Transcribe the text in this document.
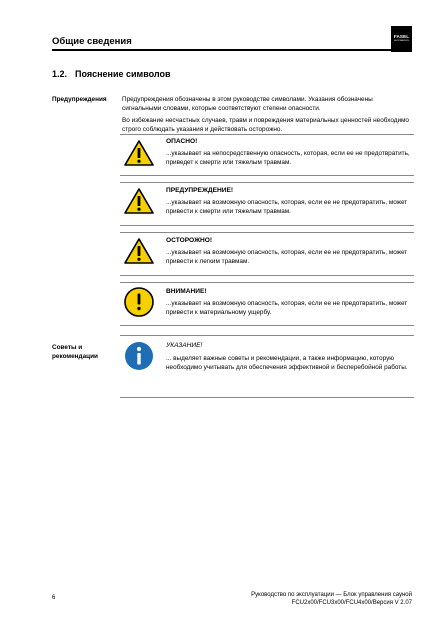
Общие сведения	FASEL
AUTOMATION
1.2. Пояснение символов
Предупреждения	Предупреждения обозначены в этом руководстве символами. Указания обозначены сигнальными словами, которые соответствуют степени опасности.
Во избежание несчастных случаев, травм и повреждения материальных ценностей необходимо строго соблюдать указания и действовать осторожно.
ОПАСНО!
...указывает на непосредственную опасность, которая, если ее не предотвратить, приведет к смерти или тяжелым травмам.
ПРЕДУПРЕЖДЕНИЕ!
...указывает на возможную опасность, которая, если ее не предотвратить, может привести к смерти или тяжелым травмам.
ОСТОРОЖНО!
...указывает на возможную опасность, которая, если ее не предотвратить, может привести к легким травмам.
ВНИМАНИЕ!
...указывает на возможную опасность, которая, если ее не предотвратить, может привести к материальному ущербу.
Советы и рекомендации
УКАЗАНИЕ!
... выделяет важные советы и рекомендации, а также информацию, которую необходимо учитывать для обеспечения эффективной и бесперебойной работы.
6	Руководство по эксплуатации — Блок управления сауной
FCU2x00/FCU3x00/FCU4x00/Версия V 2.07
